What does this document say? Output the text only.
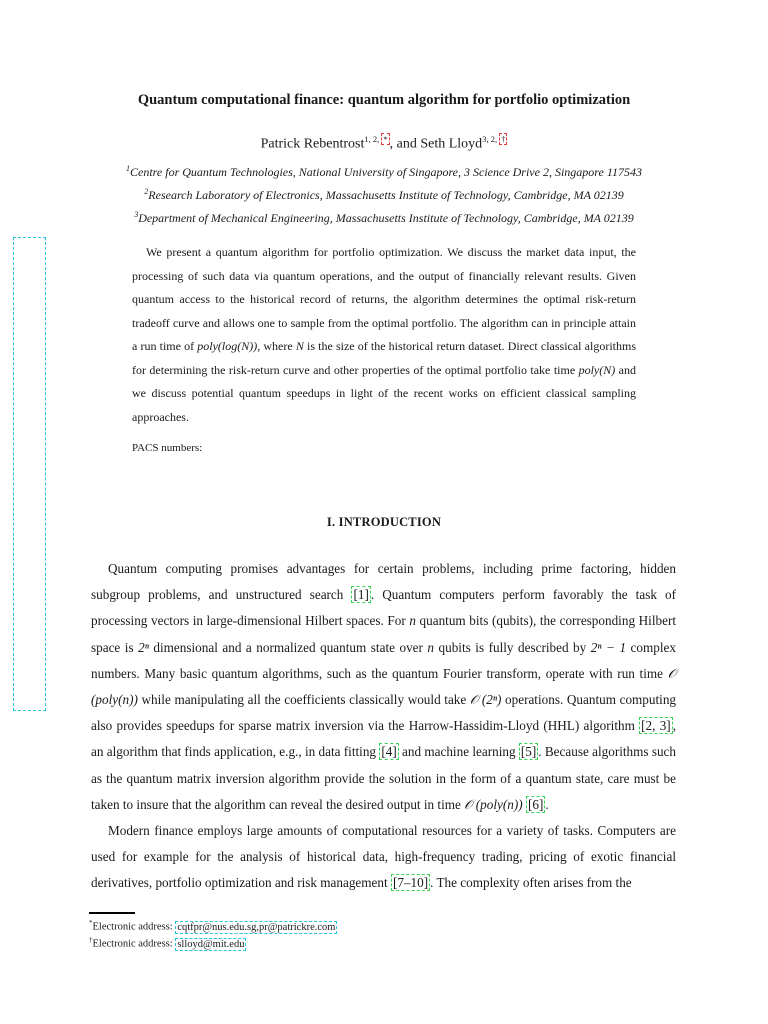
Quantum computational finance: quantum algorithm for portfolio optimization
Patrick Rebentrost$^{1, 2, *}$ , and Seth Lloyd$^{3, 2, \dagger}$
$^1$Centre for Quantum Technologies, National University of Singapore, 3 Science Drive 2, Singapore 117543
$^2$Research Laboratory of Electronics, Massachusetts Institute of Technology, Cambridge, MA 02139
$^3$Department of Mechanical Engineering, Massachusetts Institute of Technology, Cambridge, MA 02139
We present a quantum algorithm for portfolio optimization. We discuss the market data input, the processing of such data via quantum operations, and the output of financially relevant results. Given quantum access to the historical record of returns, the algorithm determines the optimal risk-return tradeoff curve and allows one to sample from the optimal portfolio. The algorithm can in principle attain a run time of poly(log(N)), where N is the size of the historical return dataset. Direct classical algorithms for determining the risk-return curve and other properties of the optimal portfolio take time poly(N) and we discuss potential quantum speedups in light of the recent works on efficient classical sampling approaches.
PACS numbers:
I. INTRODUCTION
Quantum computing promises advantages for certain problems, including prime factoring, hidden subgroup problems, and unstructured search [1] . Quantum computers perform favorably the task of processing vectors in large-dimensional Hilbert spaces. For n quantum bits (qubits), the corresponding Hilbert space is 2ⁿ dimensional and a normalized quantum state over n qubits is fully described by 2ⁿ − 1 complex numbers. Many basic quantum algorithms, such as the quantum Fourier transform, operate with run time 𝒪 (poly(n)) while manipulating all the coefficients classically would take 𝒪 (2ⁿ) operations. Quantum computing also provides speedups for sparse matrix inversion via the Harrow-Hassidim-Lloyd (HHL) algorithm [2, 3] , an algorithm that finds application, e.g., in data fitting [4] and machine learning [5] . Because algorithms such as the quantum matrix inversion algorithm provide the solution in the form of a quantum state, care must be taken to insure that the algorithm can reveal the desired output in time 𝒪 (poly(n)) [6] .
Modern finance employs large amounts of computational resources for a variety of tasks. Computers are used for example for the analysis of historical data, high-frequency trading, pricing of exotic financial derivatives, portfolio optimization and risk management [7–10] . The complexity often arises from the
*Electronic address: cqtfpr@nus.edu.sg,pr@patrickre.com
†Electronic address: slloyd@mit.edu
